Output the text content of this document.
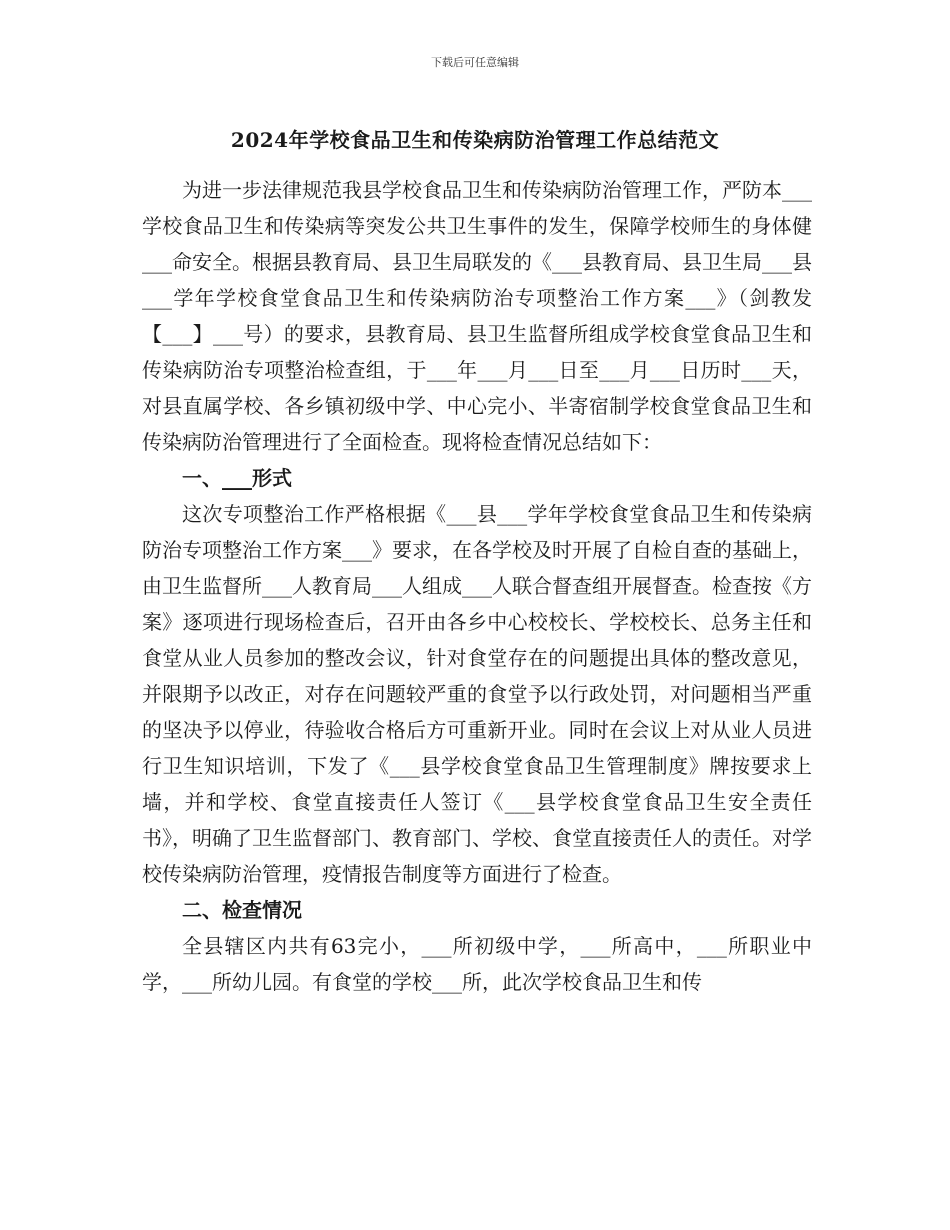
下载后可任意编辑
2024年学校食品卫生和传染病防治管理工作总结范文

为进一步法律规范我县学校食品卫生和传染病防治管理工作，严防本___学校食品卫生和传染病等突发公共卫生事件的发生，保障学校师生的身体健___命安全。根据县教育局、县卫生局联发的《___县教育局、县卫生局___县___学年学校食堂食品卫生和传染病防治专项整治工作方案___》（剑教发【___】___号）的要求，县教育局、县卫生监督所组成学校食堂食品卫生和传染病防治专项整治检查组，于___年___月___日至___月___日历时___天，对县直属学校、各乡镇初级中学、中心完小、半寄宿制学校食堂食品卫生和传染病防治管理进行了全面检查。现将检查情况总结如下：

一、___形式

这次专项整治工作严格根据《___县___学年学校食堂食品卫生和传染病防治专项整治工作方案___》要求，在各学校及时开展了自检自查的基础上，由卫生监督所___人教育局___人组成___人联合督查组开展督查。检查按《方案》逐项进行现场检查后，召开由各乡中心校校长、学校校长、总务主任和食堂从业人员参加的整改会议，针对食堂存在的问题提出具体的整改意见，并限期予以改正，对存在问题较严重的食堂予以行政处罚，对问题相当严重的坚决予以停业，待验收合格后方可重新开业。同时在会议上对从业人员进行卫生知识培训，下发了《___县学校食堂食品卫生管理制度》牌按要求上墙，并和学校、食堂直接责任人签订《___县学校食堂食品卫生安全责任书》，明确了卫生监督部门、教育部门、学校、食堂直接责任人的责任。对学校传染病防治管理，疫情报告制度等方面进行了检查。

二、检查情况

全县辖区内共有63完小，___所初级中学，___所高中，___所职业中学，___所幼儿园。有食堂的学校___所，此次学校食品卫生和传
